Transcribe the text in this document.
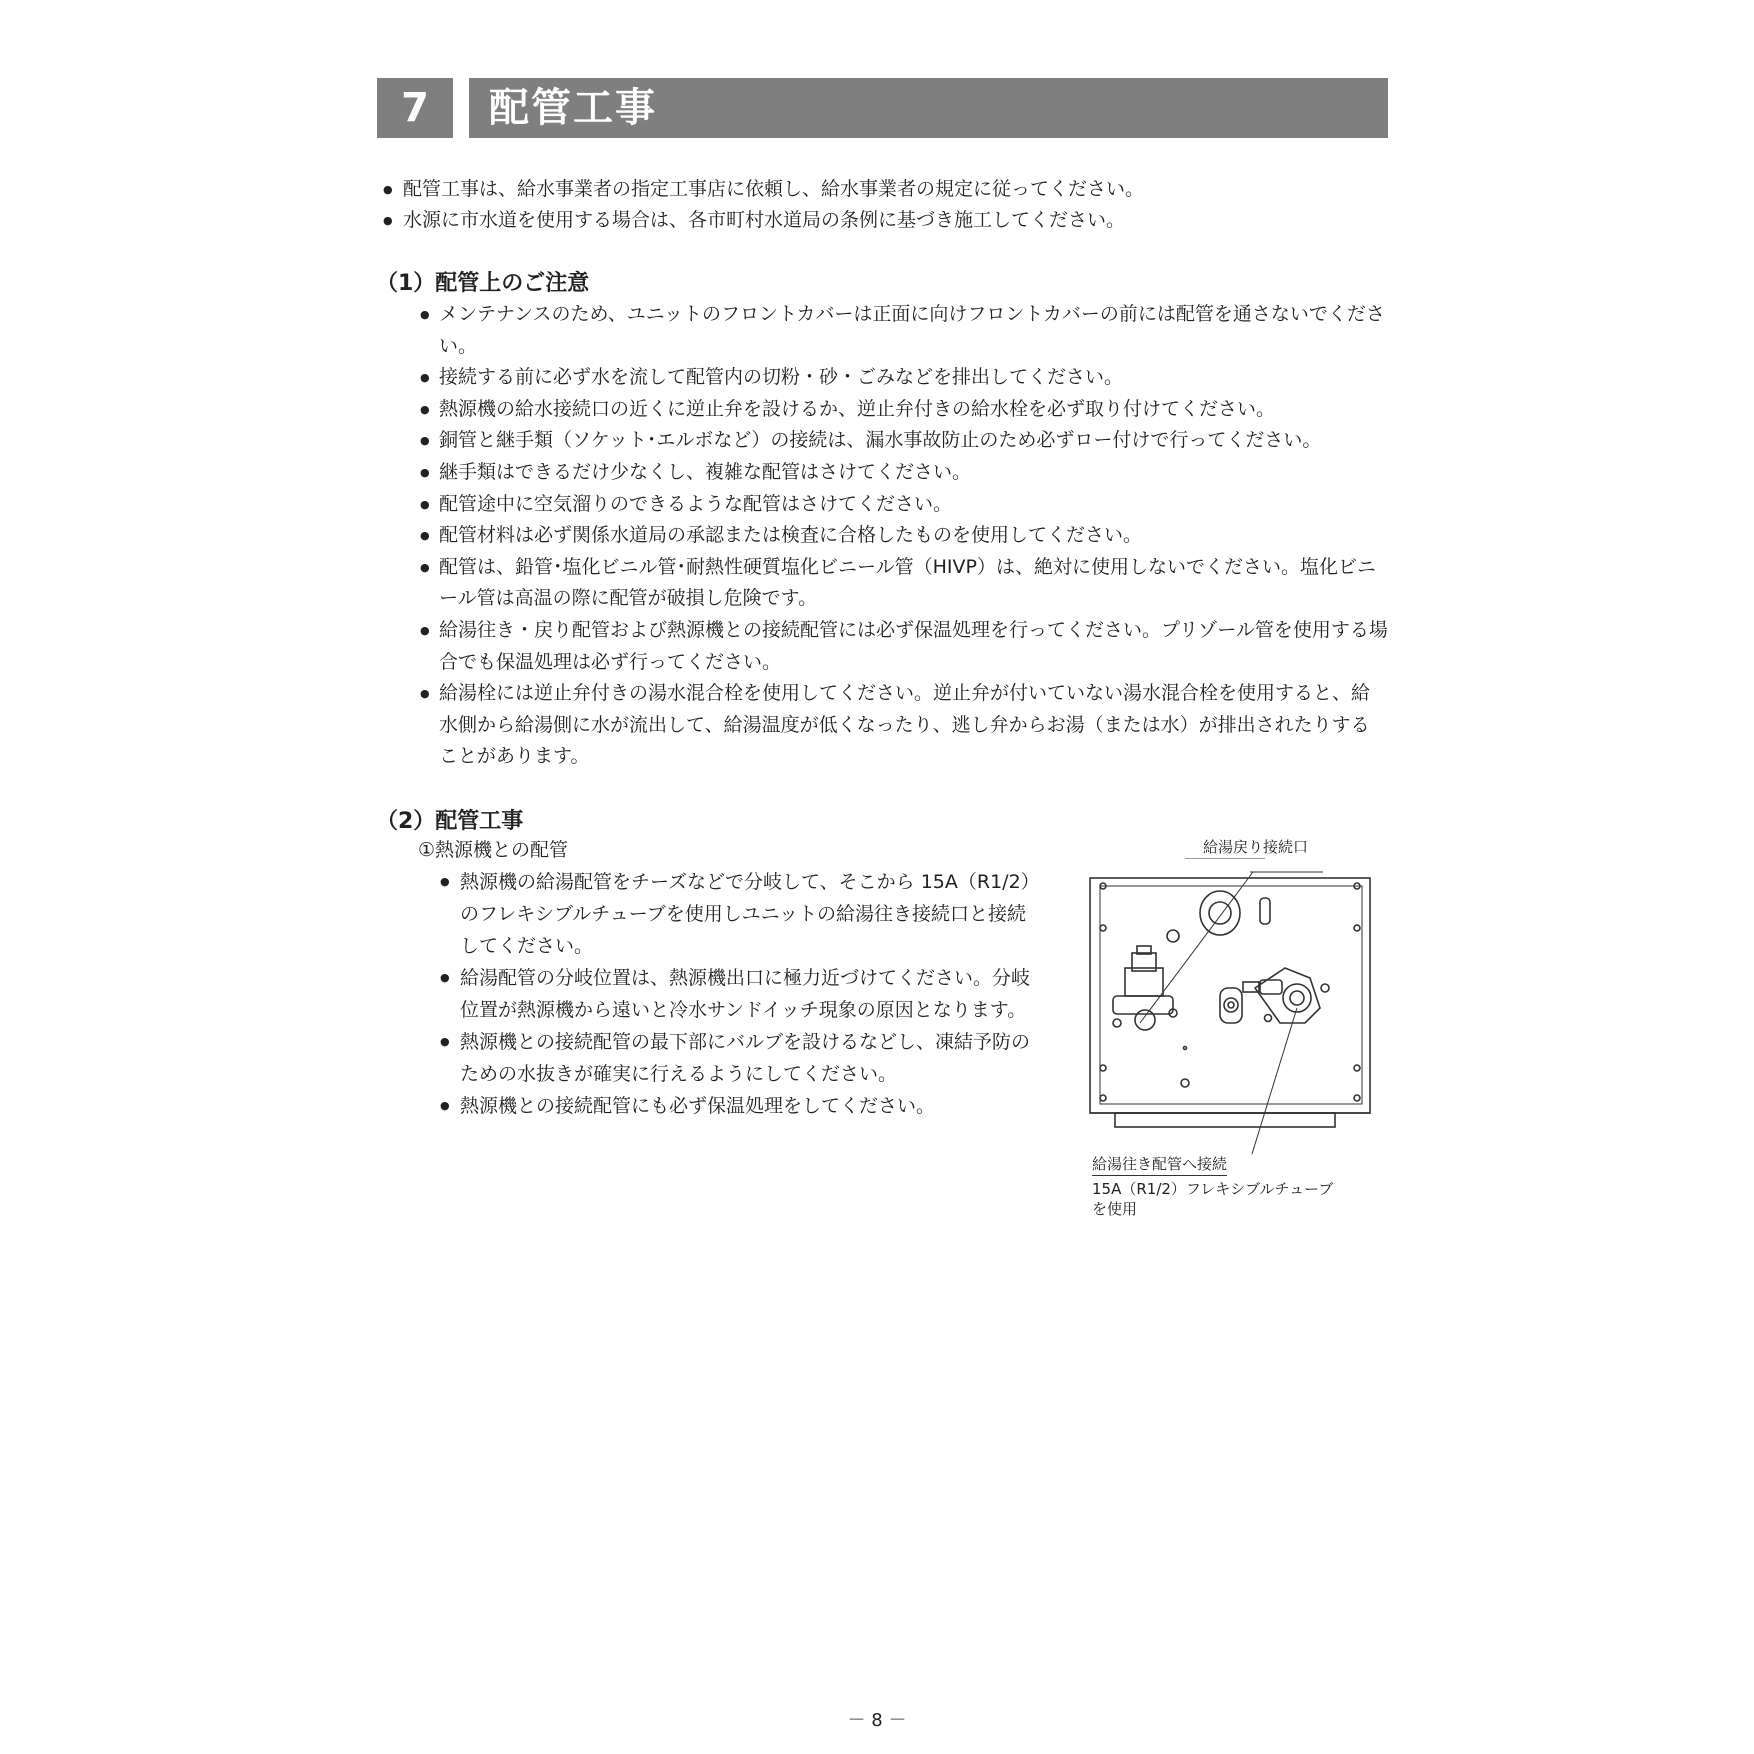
7	配管工事
● 配管工事は、給水事業者の指定工事店に依頼し、給水事業者の規定に従ってください。
● 水源に市水道を使用する場合は、各市町村水道局の条例に基づき施工してください。
（1）配管上のご注意
● メンテナンスのため、ユニットのフロントカバーは正面に向けフロントカバーの前には配管を通さないでください。
● 接続する前に必ず水を流して配管内の切粉・砂・ごみなどを排出してください。
● 熱源機の給水接続口の近くに逆止弁を設けるか、逆止弁付きの給水栓を必ず取り付けてください。
● 銅管と継手類（ソケット･エルボなど）の接続は、漏水事故防止のため必ずロー付けで行ってください。
● 継手類はできるだけ少なくし、複雑な配管はさけてください。
● 配管途中に空気溜りのできるような配管はさけてください。
● 配管材料は必ず関係水道局の承認または検査に合格したものを使用してください。
● 配管は、鉛管･塩化ビニル管･耐熱性硬質塩化ビニール管（HIVP）は、絶対に使用しないでください。塩化ビニール管は高温の際に配管が破損し危険です。
● 給湯往き・戻り配管および熱源機との接続配管には必ず保温処理を行ってください。プリゾール管を使用する場合でも保温処理は必ず行ってください。
● 給湯栓には逆止弁付きの湯水混合栓を使用してください。逆止弁が付いていない湯水混合栓を使用すると、給水側から給湯側に水が流出して、給湯温度が低くなったり、逃し弁からお湯（または水）が排出されたりすることがあります。
（2）配管工事
①熱源機との配管
● 熱源機の給湯配管をチーズなどで分岐して、そこから 15A（R1/2）のフレキシブルチューブを使用しユニットの給湯往き接続口と接続してください。
● 給湯配管の分岐位置は、熱源機出口に極力近づけてください。分岐位置が熱源機から遠いと冷水サンドイッチ現象の原因となります。
● 熱源機との接続配管の最下部にバルブを設けるなどし、凍結予防のための水抜きが確実に行えるようにしてください。
● 熱源機との接続配管にも必ず保温処理をしてください。
給湯戻り接続口
給湯往き配管へ接続
15A（R1/2）フレキシブルチューブ
を使用
－ 8 －
